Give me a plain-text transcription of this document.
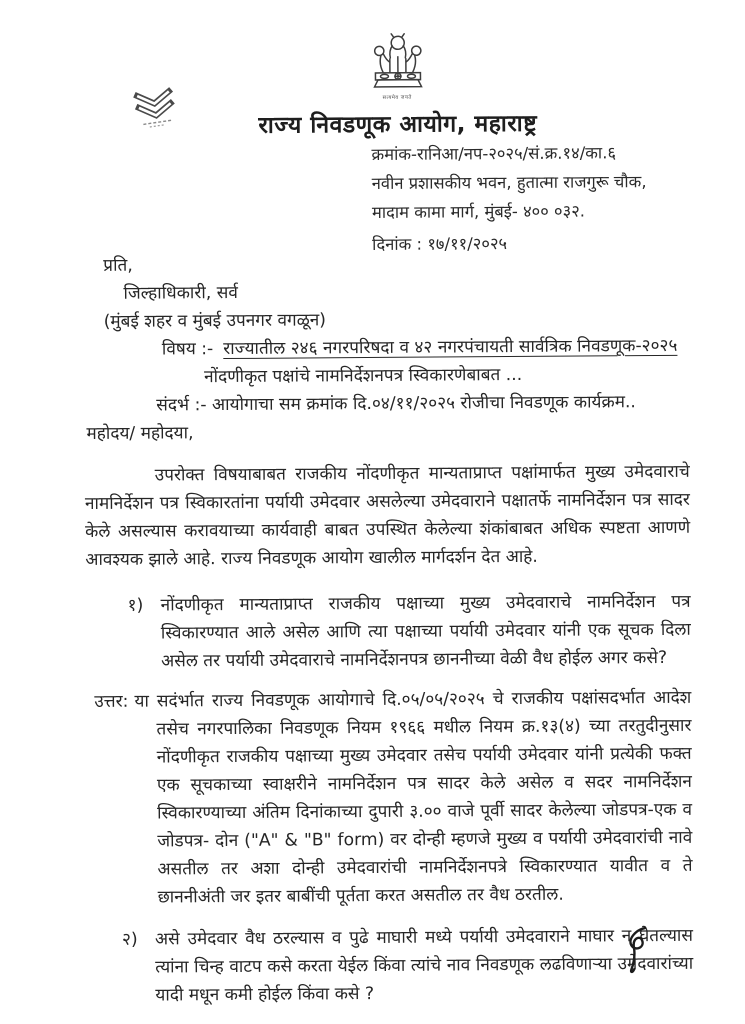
सत्यमेव जयते
राज्य निवडणूक आयोग, महाराष्ट्र
क्रमांक-रानिआ/नप-२०२५/सं.क्र.१४/का.६
नवीन प्रशासकीय भवन, हुतात्मा राजगुरू चौक,
मादाम कामा मार्ग, मुंबई- ४०० ०३२.
दिनांक : १७/११/२०२५
प्रति,
जिल्हाधिकारी, सर्व
(मुंबई शहर व मुंबई उपनगर वगळून)
विषय :- राज्यातील २४६ नगरपरिषदा व ४२ नगरपंचायती सार्वत्रिक निवडणूक-२०२५
नोंदणीकृत पक्षांचे नामनिर्देशनपत्र स्विकारणेबाबत ...
संदर्भ :- आयोगाचा सम क्रमांक दि.०४/११/२०२५ रोजीचा निवडणूक कार्यक्रम..
महोदय/ महोदया,

उपरोक्त विषयाबाबत राजकीय नोंदणीकृत मान्यताप्राप्त पक्षांमार्फत मुख्य उमेदवाराचे नामनिर्देशन पत्र स्विकारतांना पर्यायी उमेदवार असलेल्या उमेदवाराने पक्षातर्फे नामनिर्देशन पत्र सादर केले असल्यास करावयाच्या कार्यवाही बाबत उपस्थित केलेल्या शंकांबाबत अधिक स्पष्टता आणणे आवश्यक झाले आहे. राज्य निवडणूक आयोग खालील मार्गदर्शन देत आहे.

१)	नोंदणीकृत मान्यताप्राप्त राजकीय पक्षाच्या मुख्य उमेदवाराचे नामनिर्देशन पत्र स्विकारण्यात आले असेल आणि त्या पक्षाच्या पर्यायी उमेदवार यांनी एक सूचक दिला असेल तर पर्यायी उमेदवाराचे नामनिर्देशनपत्र छाननीच्या वेळी वैध होईल अगर कसे?

उत्तर: या सदंर्भात राज्य निवडणूक आयोगाचे दि.०५/०५/२०२५ चे राजकीय पक्षांसदर्भात आदेश तसेच नगरपालिका निवडणूक नियम १९६६ मधील नियम क्र.१३(४) च्या तरतुदीनुसार नोंदणीकृत राजकीय पक्षाच्या मुख्य उमेदवार तसेच पर्यायी उमेदवार यांनी प्रत्येकी फक्त एक सूचकाच्या स्वाक्षरीने नामनिर्देशन पत्र सादर केले असेल व सदर नामनिर्देशन स्विकारण्याच्या अंतिम दिनांकाच्या दुपारी ३.०० वाजे पूर्वी सादर केलेल्या जोडपत्र-एक व जोडपत्र- दोन ("A" & "B" form) वर दोन्ही म्हणजे मुख्य व पर्यायी उमेदवारांची नावे असतील तर अशा दोन्ही उमेदवारांची नामनिर्देशनपत्रे स्विकारण्यात यावीत व ते छाननीअंती जर इतर बाबींची पूर्तता करत असतील तर वैध ठरतील.

२)	असे उमेदवार वैध ठरल्यास व पुढे माघारी मध्ये पर्यायी उमेदवाराने माघार न घेतल्यास त्यांना चिन्ह वाटप कसे करता येईल किंवा त्यांचे नाव निवडणूक लढविणाऱ्या उमेदवारांच्या यादी मधून कमी होईल किंवा कसे ?
